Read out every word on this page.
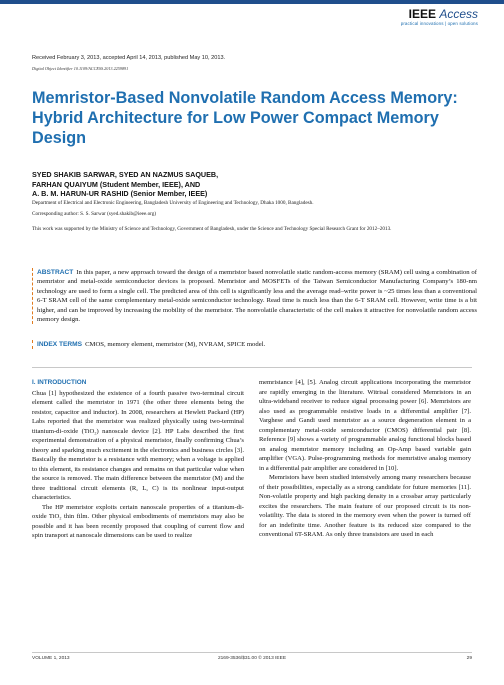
IEEE Access
practical innovations | open solutions
Received February 3, 2013, accepted April 14, 2013, published May 10, 2013.
Digital Object Identifier 10.1109/ACCESS.2013.2259891
Memristor-Based Nonvolatile Random Access Memory: Hybrid Architecture for Low Power Compact Memory Design
SYED SHAKIB SARWAR, SYED AN NAZMUS SAQUEB,
FARHAN QUAIYUM (Student Member, IEEE), AND
A. B. M. HARUN-UR RASHID (Senior Member, IEEE)
Department of Electrical and Electronic Engineering, Bangladesh University of Engineering and Technology, Dhaka 1000, Bangladesh.
Corresponding author: S. S. Sarwar (syed.shakib@ieee.org)
This work was supported by the Ministry of Science and Technology, Government of Bangladesh, under the Science and Technology Special Research Grant for 2012–2013.
ABSTRACT In this paper, a new approach toward the design of a memristor based nonvolatile static random-access memory (SRAM) cell using a combination of memristor and metal-oxide semiconductor devices is proposed. Memristor and MOSFETs of the Taiwan Semiconductor Manufacturing Company’s 180-nm technology are used to form a single cell. The predicted area of this cell is significantly less and the average read–write power is ~25 times less than a conventional 6-T SRAM cell of the same complementary metal-oxide semiconductor technology. Read time is much less than the 6-T SRAM cell. However, write time is a bit higher, and can be improved by increasing the mobility of the memristor. The nonvolatile characteristic of the cell makes it attractive for nonvolatile random access memory design.
INDEX TERMS CMOS, memory element, memristor (M), NVRAM, SPICE model.
I. INTRODUCTION

Chua [1] hypothesized the existence of a fourth passive two-terminal circuit element called the memristor in 1971 (the other three elements being the resistor, capacitor and inductor). In 2008, researchers at Hewlett Packard (HP) Labs reported that the memristor was realized physically using two-terminal titanium-di-oxide (TiO₂) nanoscale device [2]. HP Labs described the first experimental demonstration of a physical memristor, finally confirming Chua’s theory and sparking much excitement in the electronics and business circles [3]. Basically the memristor is a resistance with memory; when a voltage is applied to this element, its resistance changes and remains on that particular value when the source is removed. The main difference between the memristor (M) and the three traditional circuit elements (R, L, C) is its nonlinear input-output characteristics.

The HP memristor exploits certain nanoscale properties of a titanium-di-oxide TiO₂ thin film. Other physical embodiments of memristors may also be possible and it has been recently proposed that coupling of current flow and spin transport at nanoscale dimensions can be used to realize

memristance [4], [5]. Analog circuit applications incorporating the memristor are rapidly emerging in the literature. Witrisal considered Memristors in an ultra-wideband receiver to reduce signal processing power [6]. Memristors are also used as programmable resistive loads in a differential amplifier [7]. Varghese and Gandi used memristor as a source degeneration element in a complementary metal-oxide semiconductor (CMOS) differential pair [8]. Reference [9] shows a variety of programmable analog functional blocks based on analog memristor memory including an Op-Amp based variable gain amplifier (VGA). Pulse-programming methods for memristive analog memory in a differential pair amplifier are considered in [10].

Memristors have been studied intensively among many researchers because of their possibilities, especially as a strong candidate for future memories [11]. Non-volatile property and high packing density in a crossbar array particularly excites the researchers. The main feature of our proposed circuit is its non-volatility. The data is stored in the memory even when the power is turned off for an indefinite time. Another feature is its reduced size compared to the conventional 6T-SRAM. As only three transistors are used in each

VOLUME 1, 2013	2169-3536/$31.00 © 2013 IEEE	29
